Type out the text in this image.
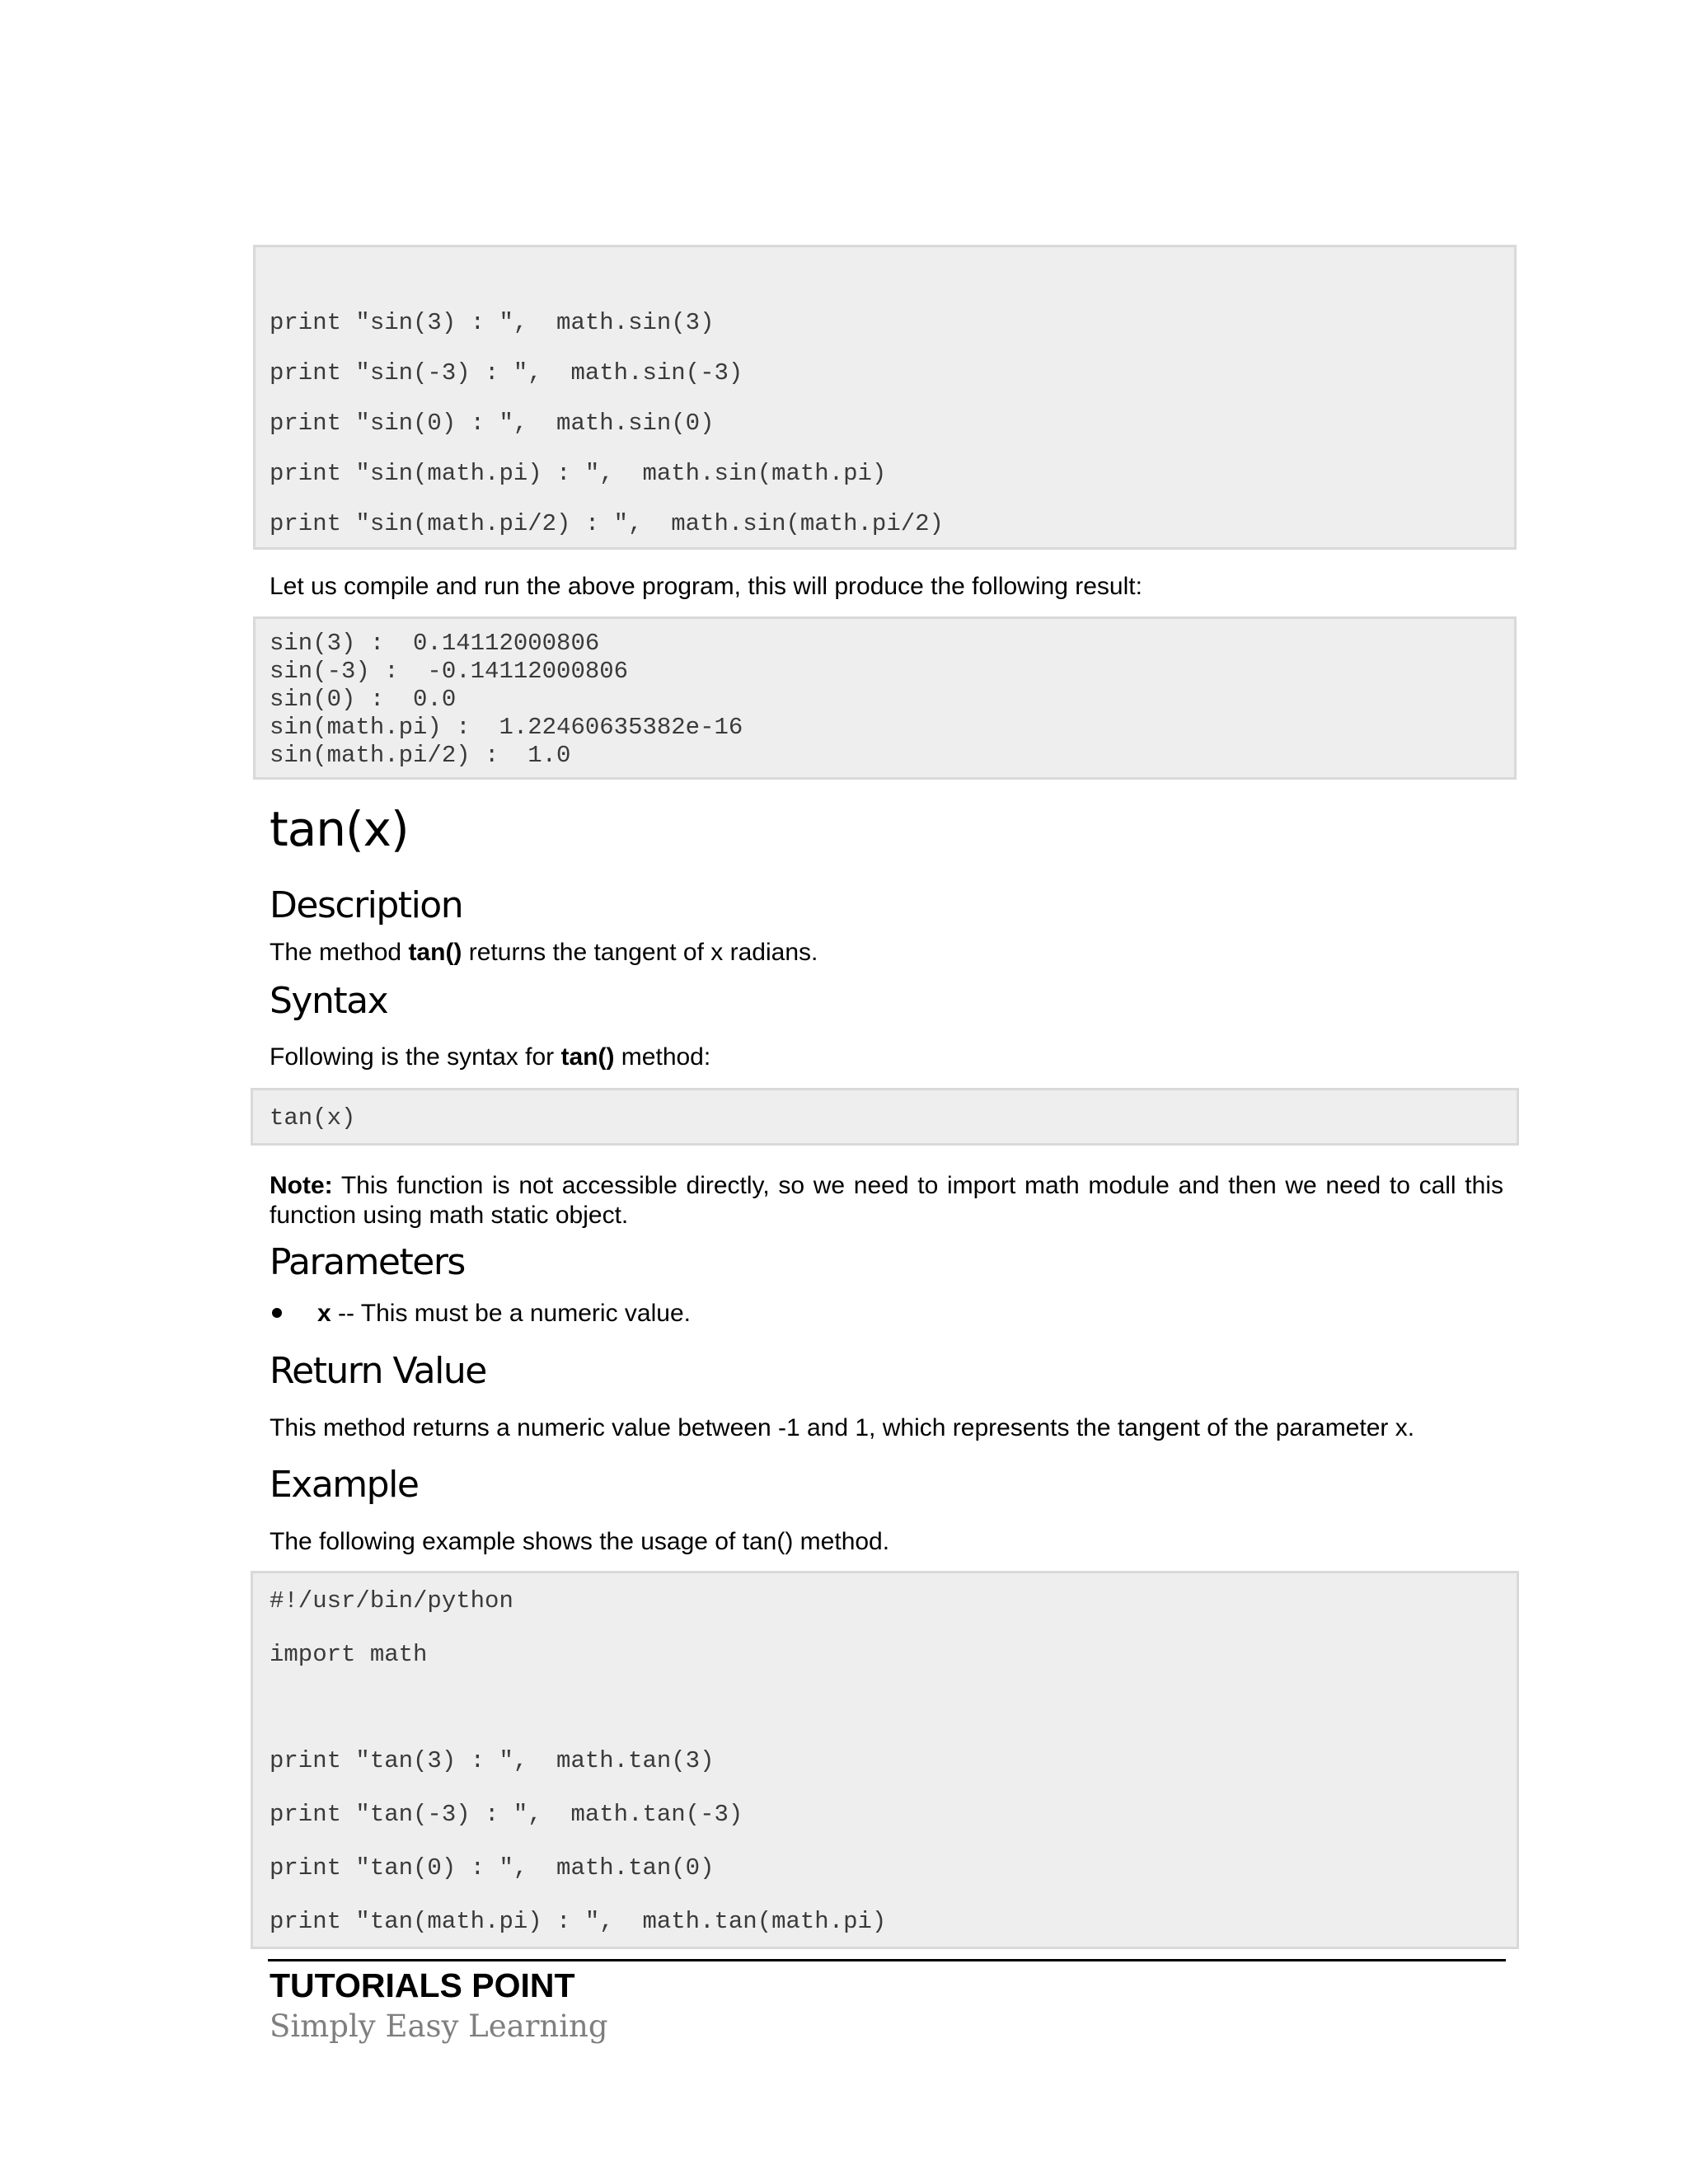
print "sin(3) : ",  math.sin(3)
print "sin(-3) : ",  math.sin(-3)
print "sin(0) : ",  math.sin(0)
print "sin(math.pi) : ",  math.sin(math.pi)
print "sin(math.pi/2) : ",  math.sin(math.pi/2)
Let us compile and run the above program, this will produce the following result:
sin(3) :  0.14112000806
sin(-3) :  -0.14112000806
sin(0) :  0.0
sin(math.pi) :  1.22460635382e-16
sin(math.pi/2) :  1.0
tan(x)
Description
The method tan() returns the tangent of x radians.
Syntax
Following is the syntax for tan() method:
tan(x)
Note: This function is not accessible directly, so we need to import math module and then we need to call this function using math static object.
Parameters
x -- This must be a numeric value.
Return Value
This method returns a numeric value between -1 and 1, which represents the tangent of the parameter x.
Example
The following example shows the usage of tan() method.
#!/usr/bin/python
import math
print "tan(3) : ",  math.tan(3)
print "tan(-3) : ",  math.tan(-3)
print "tan(0) : ",  math.tan(0)
print "tan(math.pi) : ",  math.tan(math.pi)
TUTORIALS POINT
Simply Easy Learning
